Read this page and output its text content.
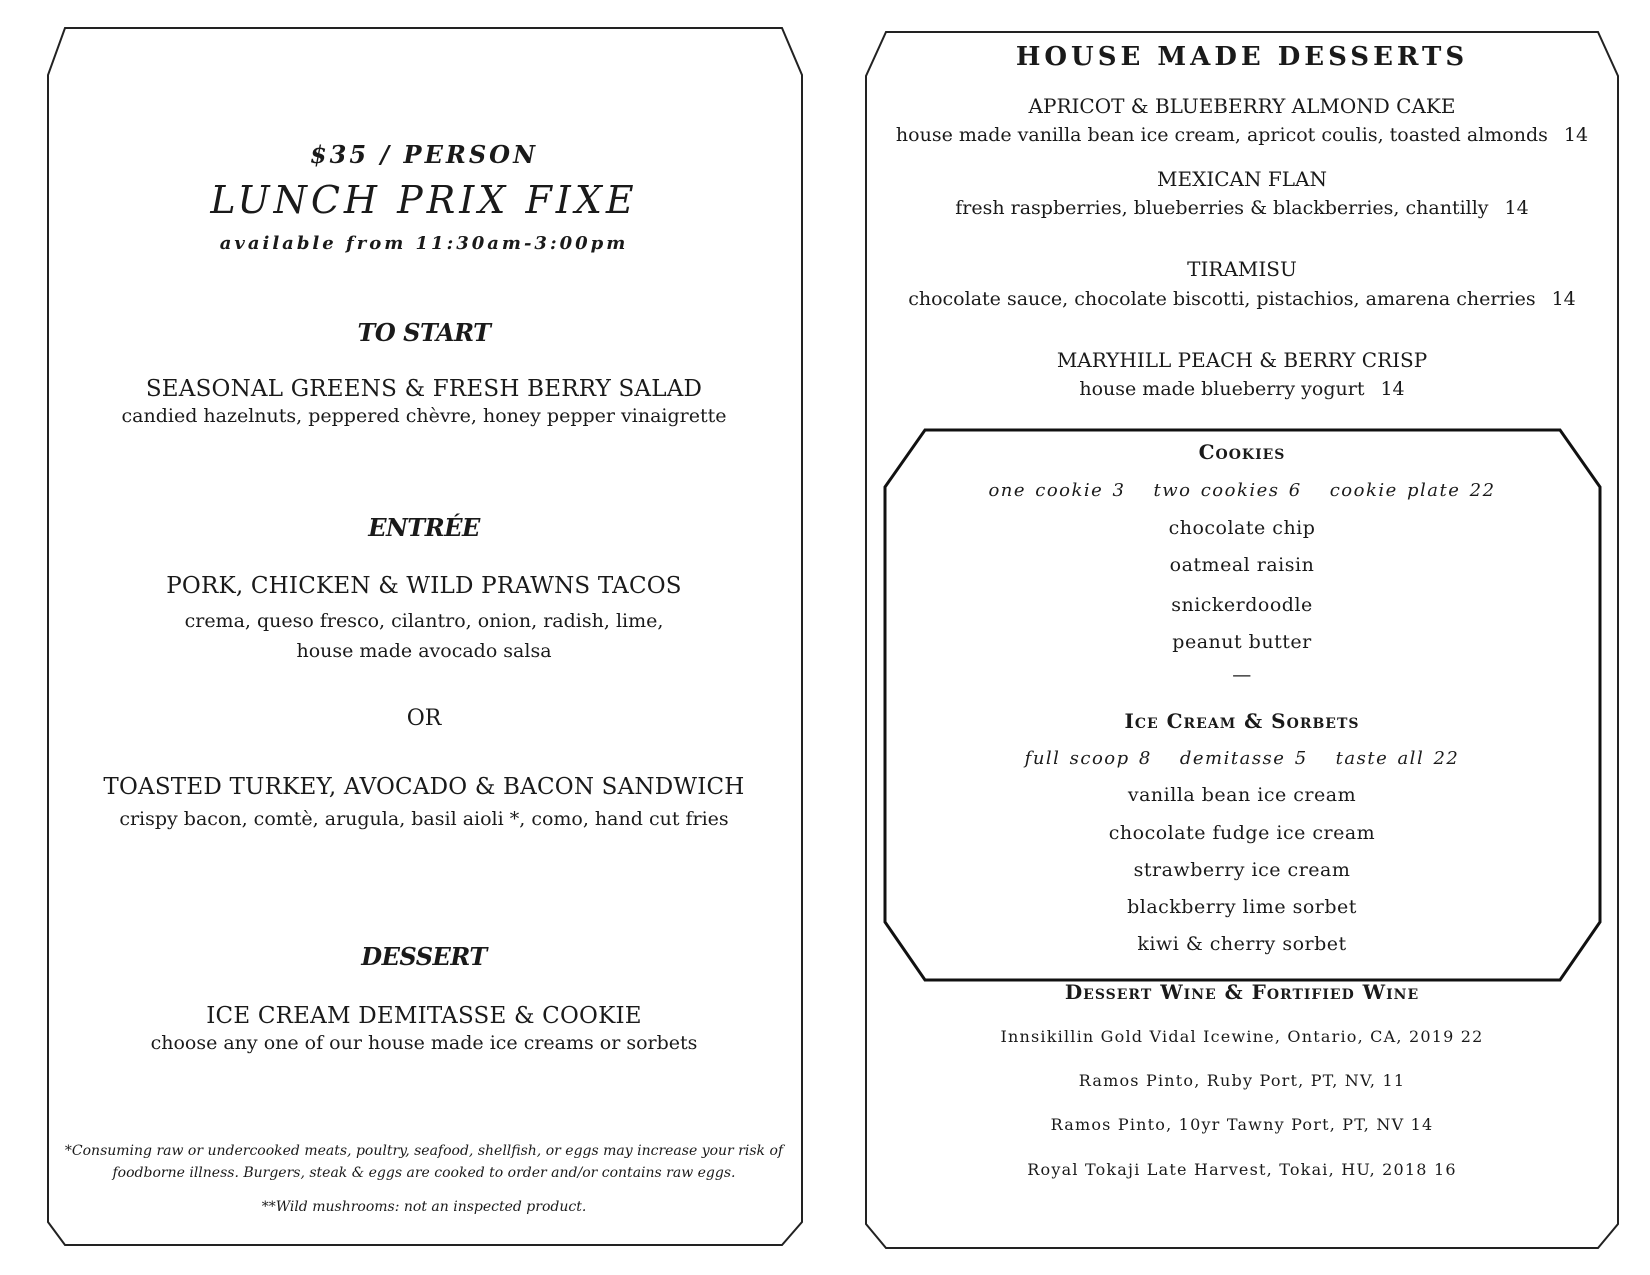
$35 / PERSON
LUNCH PRIX FIXE
available from 11:30am-3:00pm
TO START
SEASONAL GREENS & FRESH BERRY SALAD
candied hazelnuts, peppered chèvre, honey pepper vinaigrette
ENTRÉE
PORK, CHICKEN & WILD PRAWNS TACOS
crema, queso fresco, cilantro, onion, radish, lime,
house made avocado salsa
OR
TOASTED TURKEY, AVOCADO & BACON SANDWICH
crispy bacon, comtè, arugula, basil aioli *, como, hand cut fries
DESSERT
ICE CREAM DEMITASSE & COOKIE
choose any one of our house made ice creams or sorbets
*Consuming raw or undercooked meats, poultry, seafood, shellfish, or eggs may increase your risk of
foodborne illness. Burgers, steak & eggs are cooked to order and/or contains raw eggs.
**Wild mushrooms: not an inspected product.
HOUSE MADE DESSERTS
APRICOT & BLUEBERRY ALMOND CAKE
house made vanilla bean ice cream, apricot coulis, toasted almonds 14
MEXICAN FLAN
fresh raspberries, blueberries & blackberries, chantilly 14
TIRAMISU
chocolate sauce, chocolate biscotti, pistachios, amarena cherries 14
MARYHILL PEACH & BERRY CRISP
house made blueberry yogurt 14
Cookies
one cookie 3 two cookies 6 cookie plate 22
chocolate chip
oatmeal raisin
snickerdoodle
peanut butter
—
Ice Cream & Sorbets
full scoop 8 demitasse 5 taste all 22
vanilla bean ice cream
chocolate fudge ice cream
strawberry ice cream
blackberry lime sorbet
kiwi & cherry sorbet
Dessert Wine & Fortified Wine
Innsikillin Gold Vidal Icewine, Ontario, CA, 2019 22
Ramos Pinto, Ruby Port, PT, NV, 11
Ramos Pinto, 10yr Tawny Port, PT, NV 14
Royal Tokaji Late Harvest, Tokai, HU, 2018 16
